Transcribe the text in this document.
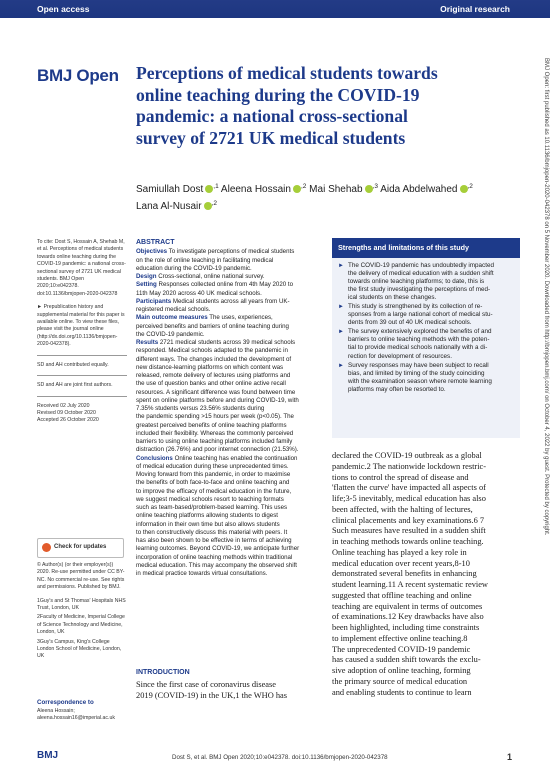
Open access	Original research
BMJ Open Perceptions of medical students towards
online teaching during the COVID-19
pandemic: a national cross-sectional
survey of 2721 UK medical students
Samiullah Dost $^{,1}$ Aleena Hossain $^{,2}$ Mai Shehab $^{,3}$ Aida Abdelwahed $^{,2}$
Lana Al-Nusair $^{,2}$

To cite: Dost S, Hossain A, Shehab M, et al. Perceptions of medical students towards online teaching during the COVID-19 pandemic: a national cross-sectional survey of 2721 UK medical students. BMJ Open 2020;10:e042378. doi:10.1136/bmjopen-2020-042378

► Prepublication history and supplemental material for this paper is available online. To view these files, please visit the journal online (http://dx.doi.org/10.1136/bmjopen-2020-042378).

SD and AH contributed equally.

SD and AH are joint first authors.

Received 02 July 2020

Revised 09 October 2020

Accepted 26 October 2020

Check for updates

© Author(s) (or their employer(s)) 2020. Re-use permitted under CC BY-NC. No commercial re-use. See rights and permissions. Published by BMJ.

1Guy's and St Thomas' Hospitals NHS Trust, London, UK

2Faculty of Medicine, Imperial College of Science Technology and Medicine, London, UK

3Guy's Campus, King's College London School of Medicine, London, UK

Correspondence to
Aleena Hossain;
aleena.hossain16@imperial.ac.uk
ABSTRACT
Objectives To investigate perceptions of medical students
on the role of online teaching in facilitating medical
education during the COVID-19 pandemic.
Design Cross-sectional, online national survey.
Setting Responses collected online from 4th May 2020 to
11th May 2020 across 40 UK medical schools.
Participants Medical students across all years from UK-
registered medical schools.
Main outcome measures The uses, experiences,
perceived benefits and barriers of online teaching during
the COVID-19 pandemic.
Results 2721 medical students across 39 medical schools
responded. Medical schools adapted to the pandemic in
different ways. The changes included the development of
new distance-learning platforms on which content was
released, remote delivery of lectures using platforms and
the use of question banks and other online active recall
resources. A significant difference was found between time
spent on online platforms before and during COVID-19, with
7.35% students versus 23.56% students during
the pandemic spending >15 hours per week (p<0.05). The
greatest perceived benefits of online teaching platforms
included their flexibility. Whereas the commonly perceived
barriers to using online teaching platforms included family
distraction (26.76%) and poor internet connection (21.53%).
Conclusions Online teaching has enabled the continuation
of medical education during these unprecedented times.
Moving forward from this pandemic, in order to maximise
the benefits of both face-to-face and online teaching and
to improve the efficacy of medical education in the future,
we suggest medical schools resort to teaching formats
such as team-based/problem-based learning. This uses
online teaching platforms allowing students to digest
information in their own time but also allows students
to then constructively discuss this material with peers. It
has also been shown to be effective in terms of achieving
learning outcomes. Beyond COVID-19, we anticipate further
incorporation of online teaching methods within traditional
medical education. This may accompany the observed shift
in medical practice towards virtual consultations.
INTRODUCTION
Since the first case of coronavirus disease
2019 (COVID-19) in the UK,1 the WHO has
Strengths and limitations of this study
► The COVID-19 pandemic has undoubtedly impacted
the delivery of medical education with a sudden shift
towards online teaching platforms; to date, this is
the first study investigating the perceptions of med-
ical students on these changes.
► This study is strengthened by its collection of re-
sponses from a large national cohort of medical stu-
dents from 39 out of 40 UK medical schools.
► The survey extensively explored the benefits of and
barriers to online teaching methods with the poten-
tial to provide medical schools nationally with a di-
rection for development of resources.
► Survey responses may have been subject to recall
bias, and limited by timing of the study coinciding
with the examination season where remote learning
platforms may often be resorted to.
declared the COVID-19 outbreak as a global
pandemic.2 The nationwide lockdown restric-
tions to control the spread of disease and
'flatten the curve' have impacted all aspects of
life;3-5 inevitably, medical education has also
been affected, with the halting of lectures,
clinical placements and key examinations.6 7
Such measures have resulted in a sudden shift
in teaching methods towards online teaching.
Online teaching has played a key role in
medical education over recent years,8-10
demonstrated several benefits in enhancing
student learning.11 A recent systematic review
suggested that offline teaching and online
teaching are equivalent in terms of outcomes
of examinations.12 Key drawbacks have also
been highlighted, including time constraints
to implement effective online teaching.8
The unprecedented COVID-19 pandemic
has caused a sudden shift towards the exclu-
sive adoption of online teaching, forming
the primary source of medical education
and enabling students to continue to learn
BMJ Open: first published as 10.1136/bmjopen-2020-042378 on 5 November 2020. Downloaded from http://bmjopen.bmj.com/ on October 4, 2022 by guest. Protected by copyright.
BMJ	Dost S, et al. BMJ Open 2020;10:e042378. doi:10.1136/bmjopen-2020-042378	1
